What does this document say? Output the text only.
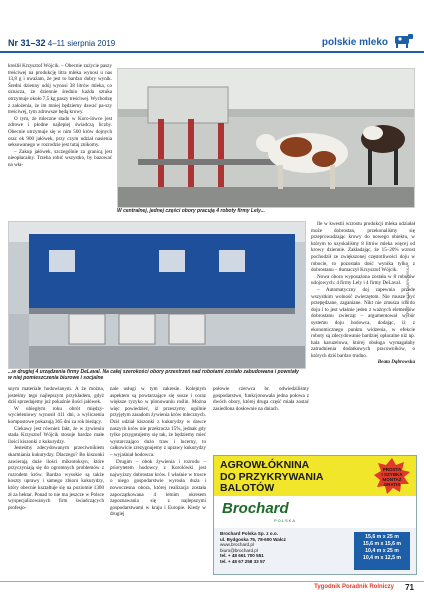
Nr 31–32 4–11 sierpnia 2019	polskie mleko

kreślił Krzysztof Wójcik. – Obecnie zużycie paszy treściwej na produkcję litra mleka wynosi u nas 13,8 g i uważam, że jest to bardzo dobry wynik. Średni dzienny udój wynosi 38 litrów mleka, co oznacza, że dziennie średnio każda sztuka otrzymuje około 7,5 kg paszy treściwej. Wychodzę z założenia, że im mniej będziemy dawać pa-szy treściwej, tym zdrowsze będą krowy.

O tym, że mleczne stado w Koro-lówce jest zdrowe i płodne najlepiej świadczą liczby. Obecnie utrzymuje się w nim 500 krów dojnych oraz ok 900 jałówek, przy czym udział nasienia seksowanego w rozrodzie jest tutaj znikomy.

– Zakup jałówek, szczególnie za granicą jest nieopłacalny. Trzeba robić wszystko, by bazować na wła-

W centralnej, jednej części obory pracują 4 roboty firmy Lely...

Ile w kwestii wzrostu produkcji mleka udziałał może dobrostan, przekonaliśmy się przeprowadzając krowy do nowego obiektu, w którym to uzyskaliśmy 8 litrów mleka więcej od krowy dziennie. Zakładając, że 15–20% wzrost pochodził ze zwiększonej częstotliwości doju w robocie, to pozostała dość wynika tylko z dobrostanu – tłumaczył Krzysztof Wójcik.

Nowa obora wyposażona została w 8 robotów udojowych: 4 firmy Lely i 4 firmy DeLaval.

– Automatyczny doj zapewnia przede wszystkim wolność zwierzętom. Nie musze być przepędzane, zaganiane. Nikt nie zmusza ich do doju i to jest właśnie jeden z ważnych elementów dobrostanu zwierząt – argumentował wybór systemu doju hodowca, dodając, iż z ekonomicznego punktu widzenia, w efekcie roboty są zdecydowanie bardziej opłacalne niż np. hala karuzelowa, której obsługa wymagałaby zatrudnienia dodatkowych pracowników, o których dziś bardzo trudno.

Beata Dąbrowska

FOT. BEATA DĄBROWSKA
...w drugiej 4 urządzenia firmy DeLaval. Na całej szerokości obory przestrzeń nad robotami zostało zabudowana i powstały w niej pomieszczenia biurowe i socjalne

snym materiale hodowlanym. A że można, jesteśmy tego najlepszym przykładem, gdyż dziś sprzedajemy już pokaźnie ilości jałówek.

W ubiegłym roku obrót między-wycieleniowy wynosił 411 dni, a wyliczenia kompostowe pokazują 365 dni za rok bieżący.

Ciekawy jest również fakt, że w żywieniu stada Krzysztof Wójcik stosuje bardzo małe ilości kiszonki z kukurydzy.

Jesteśmy zdecydowanym przeciwnikiem skarmiania kukurydzy. Dlaczego? Bo kiszonki zawierają duże ilości mikrotoksyn, które przyczyniają się do ogromnych problemów z rozrodem krów. Bardzo wysokie są także koszty uprawy i samego zbioru kukurydzy, który obecnie kształtuje się na poziomie 1300 zł za hektar. Ponad to nie ma jeszcze w Polsce wyspecjalizowanych firm świadczących profesjo-

nale usługi w tym zakresie. Kolejnym aspektem są powtarzające się susze i coraz większe ryzyko w plonowaniu roślin. Można więc powiedzieć, iż przeszymy ogólnie przyjętym zasadom żywienia krów mlecznych. Dziś udział kiszonki z kukurydzy w dawce naszych krów nie przekracza 15%, jednak gdy tylko przygotujemy się tak, że będziemy mieć wystarczająco dużo traw i lucerny, to całkowicie zrezygnujemy z uprawy kukurydzy – wyjaśniał hodowca.

Drugim – obok żywienia i rozrodu – priorytetem hodowcy z Korolówki jest najwyższy dobrostan krów. I właśnie w trosce o niego gospodarstwie wyrosła duża i nowoczesna obora, której realizacja została zapoczątkowana 4 letnim okresem zapoznawania się z najlepszymi gospodarstwami w kraju i Europie. Kiedy w drugiej

połowie czerwca br. odwiedziliśmy gospodarstwo, funkcjonowała jedna połowa z dwóch obory, której druga część miała zostać zasiedlona dosłownie na dniach.

AGROWŁÓKNINA
DO PRZYKRYWANIA
BALOTÓW
PROSTA
I SZYBKA
MONTAŻ
GRATIS
Brochard
POLSKA
Brochard Polska Sp. z o.o.
ul. Bydgoska 75, 78-600 Wałcz
www.brochard.pl
biuro@brochard.pl
tel. + 48 661 700 551
tel. + 48 67 258 33 57
15,6 m x 25 m
15,6 m x 15,6 m
10,4 m x 25 m
10,4 m x 12,5 m
Tygodnik Poradnik Rolniczy 71
